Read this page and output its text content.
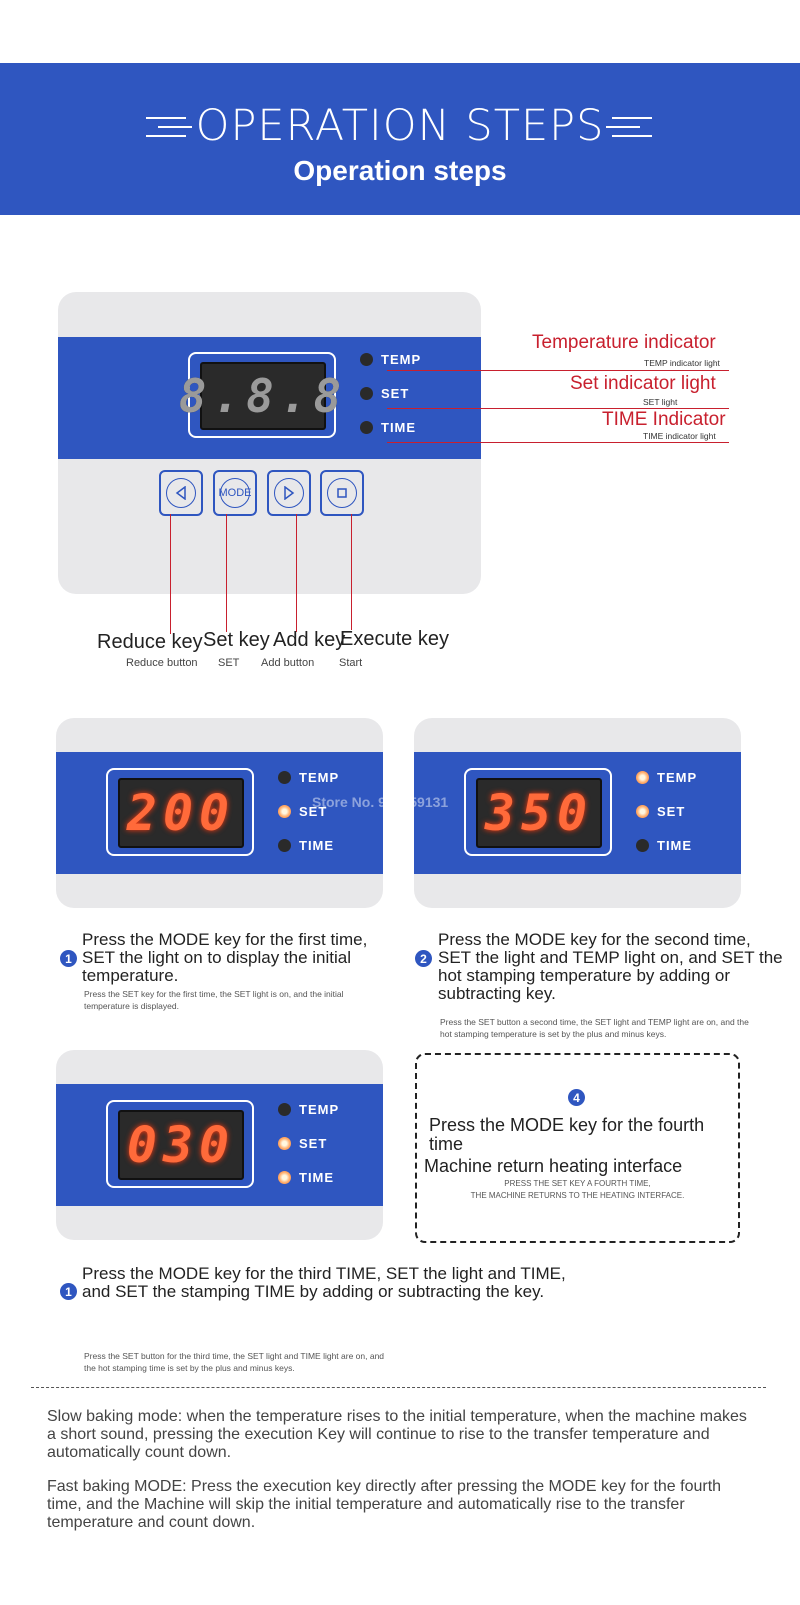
OPERATION STEPS
Operation steps
8.8.8
TEMP
SET
TIME
MODE
Temperature indicator
TEMP indicator light
Set indicator light
SET light
TIME Indicator
TIME indicator light
Reduce key Set key Add key
Execute key
Reduce button SET Add button Start
200
TEMP
SET
TIME
350
TEMP
SET
TIME
Store No. 910459131
1
Press the MODE key for the first time, SET the light on to display the initial temperature.
Press the SET key for the first time, the SET light is on, and the initial temperature is displayed.
2
Press the MODE key for the second time, SET the light and TEMP light on, and SET the hot stamping temperature by adding or subtracting key.
Press the SET button a second time, the SET light and TEMP light are on, and the hot stamping temperature is set by the plus and minus keys.
030
TEMP
SET
TIME
4
Press the MODE key for the fourth time
Machine return heating interface
PRESS THE SET KEY A FOURTH TIME,
THE MACHINE RETURNS TO THE HEATING INTERFACE.
1
Press the MODE key for the third TIME, SET the light and TIME, and SET the stamping TIME by adding or subtracting the key.
Press the SET button for the third time, the SET light and TIME light are on, and the hot stamping time is set by the plus and minus keys.
Slow baking mode: when the temperature rises to the initial temperature, when the machine makes a short sound, pressing the execution Key will continue to rise to the transfer temperature and automatically count down.
Fast baking MODE: Press the execution key directly after pressing the MODE key for the fourth time, and the Machine will skip the initial temperature and automatically rise to the transfer temperature and count down.
